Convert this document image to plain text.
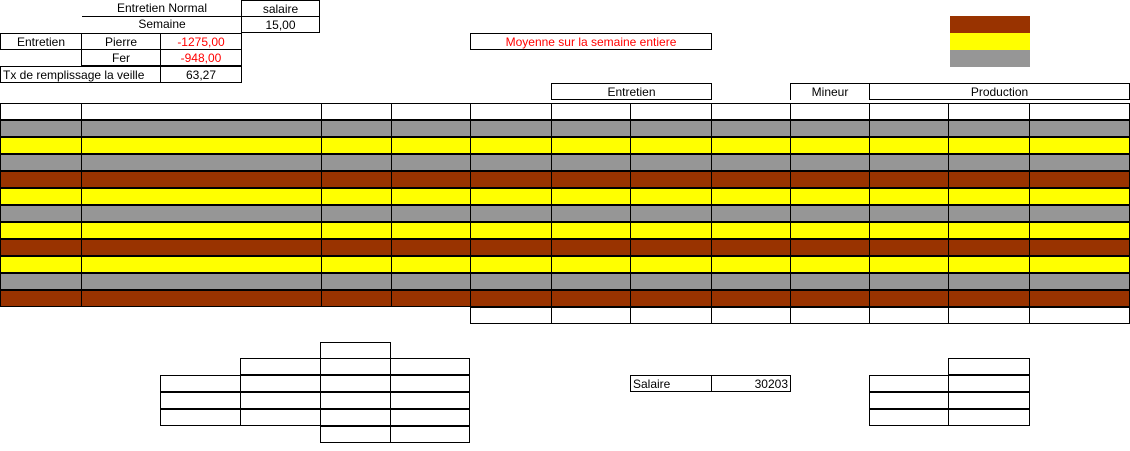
Entretien Normal	salaire
Semaine	15,00
Entretien	Pierre	-1275,00
Fer	-948,00
Tx de remplissage la veille	63,27
Moyenne sur la semaine entiere
Entretien	Mineur	Production
Salaire	30203
